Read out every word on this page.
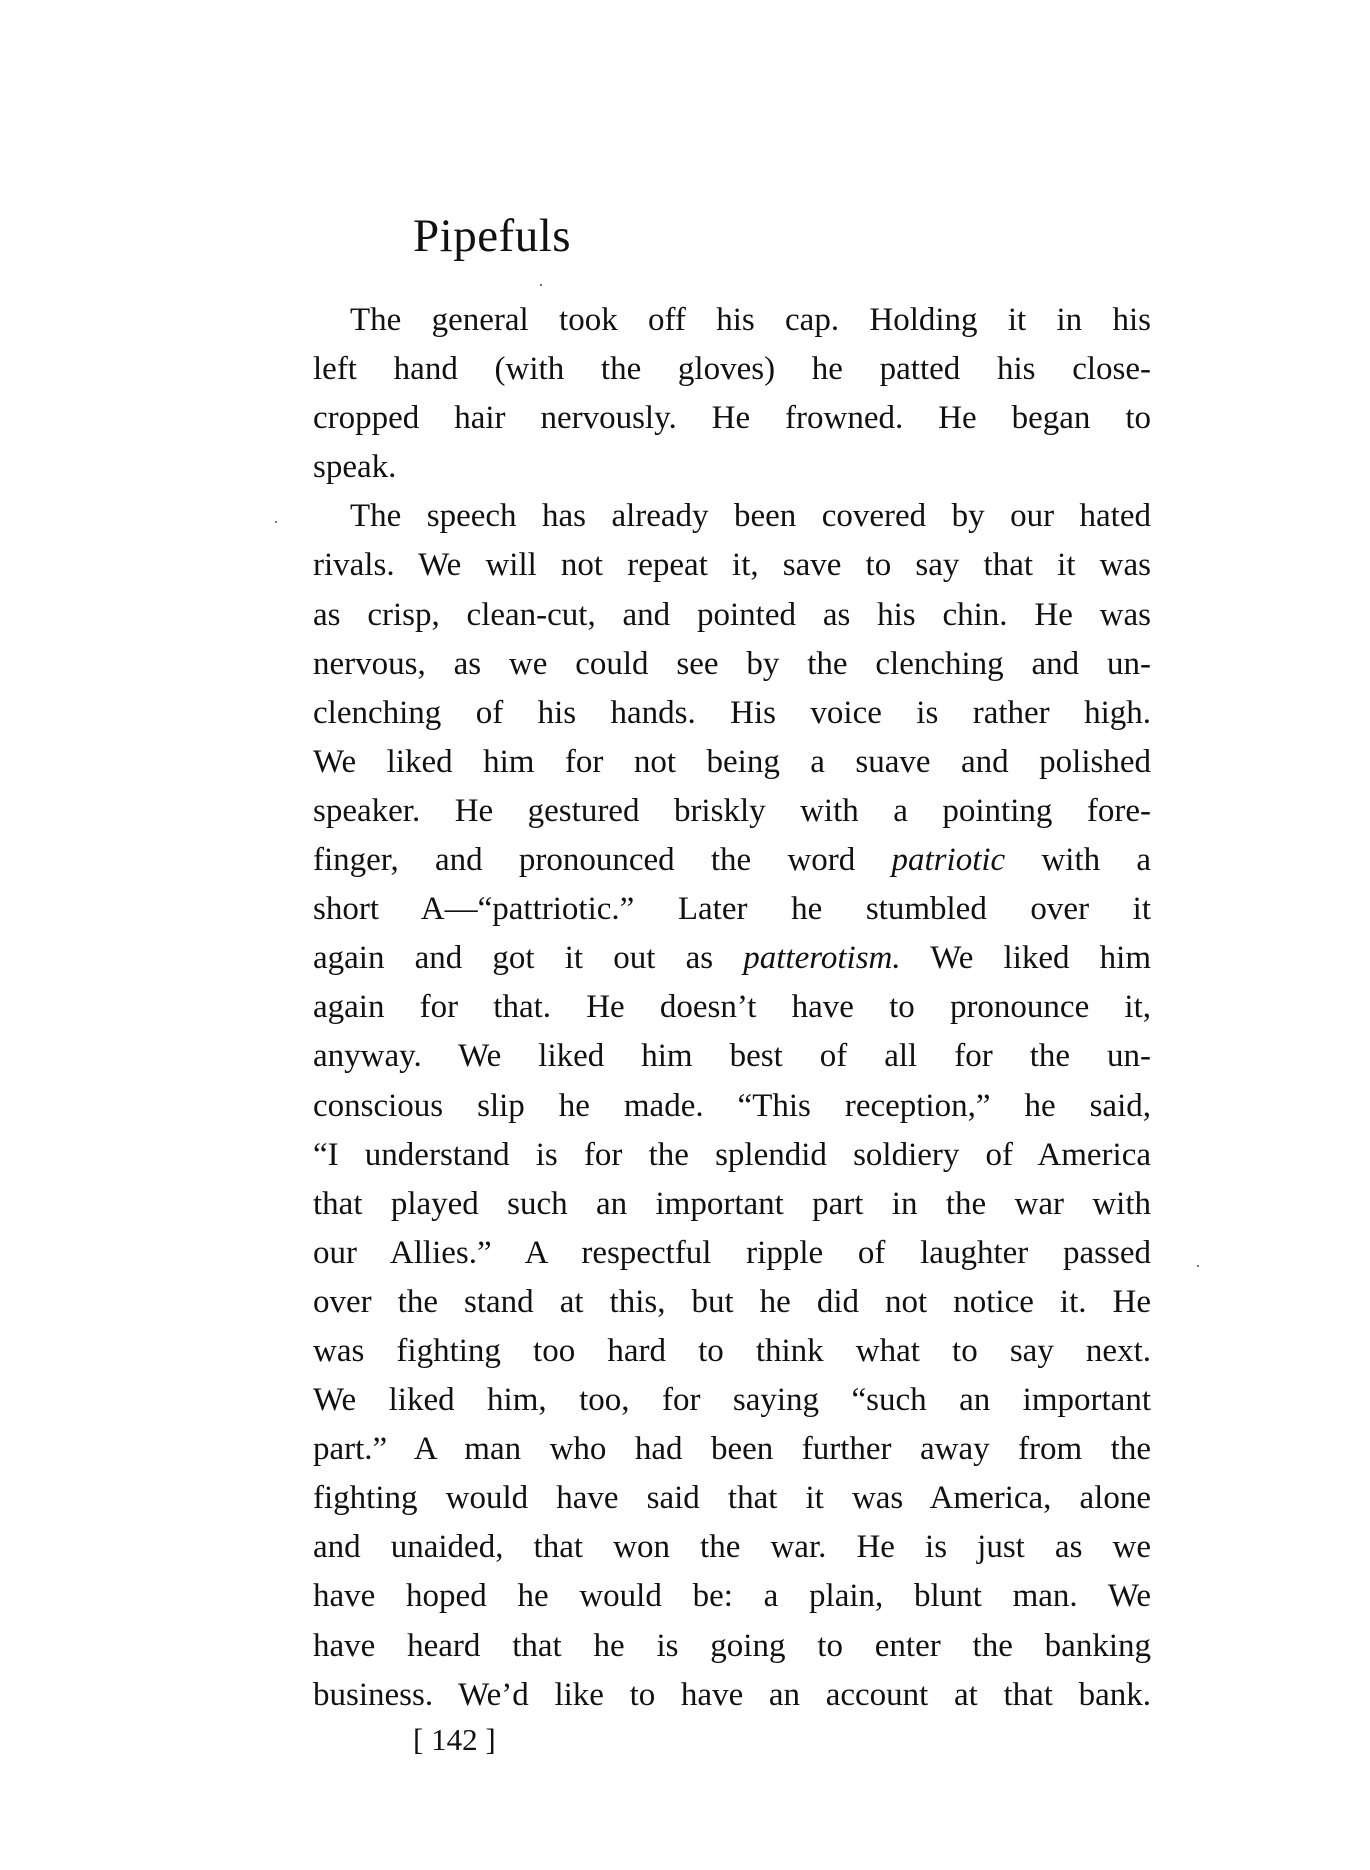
Pipefuls
The general took off his cap. Holding it in his
left hand (with the gloves) he patted his close-
cropped hair nervously. He frowned. He began to
speak.
The speech has already been covered by our hated
rivals. We will not repeat it, save to say that it was
as crisp, clean-cut, and pointed as his chin. He was
nervous, as we could see by the clenching and un-
clenching of his hands. His voice is rather high.
We liked him for not being a suave and polished
speaker. He gestured briskly with a pointing fore-
finger, and pronounced the word patriotic with a
short A—“pattriotic.” Later he stumbled over it
again and got it out as patterotism. We liked him
again for that. He doesn’t have to pronounce it,
anyway. We liked him best of all for the un-
conscious slip he made. “This reception,” he said,
“I understand is for the splendid soldiery of America
that played such an important part in the war with
our Allies.” A respectful ripple of laughter passed
over the stand at this, but he did not notice it. He
was fighting too hard to think what to say next.
We liked him, too, for saying “such an important
part.” A man who had been further away from the
fighting would have said that it was America, alone
and unaided, that won the war. He is just as we
have hoped he would be: a plain, blunt man. We
have heard that he is going to enter the banking
business. We’d like to have an account at that bank.
[ 142 ]
